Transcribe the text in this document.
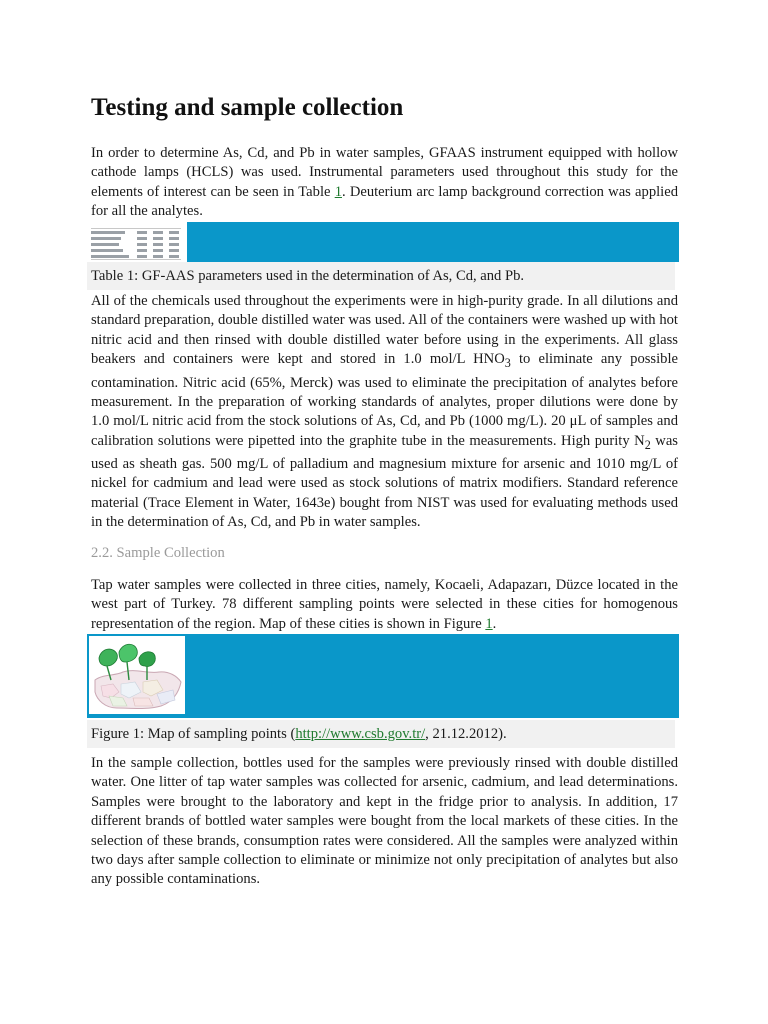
Testing and sample collection

In order to determine As, Cd, and Pb in water samples, GFAAS instrument equipped with hollow cathode lamps (HCLS) was used. Instrumental parameters used throughout this study for the elements of interest can be seen in Table 1. Deuterium arc lamp background correction was applied for all the analytes.

Table 1: GF-AAS parameters used in the determination of As, Cd, and Pb.

All of the chemicals used throughout the experiments were in high-purity grade. In all dilutions and standard preparation, double distilled water was used. All of the containers were washed up with hot nitric acid and then rinsed with double distilled water before using in the experiments. All glass beakers and containers were kept and stored in 1.0 mol/L $HNO_3$ to eliminate any possible contamination. Nitric acid (65%, Merck) was used to eliminate the precipitation of analytes before measurement. In the preparation of working standards of analytes, proper dilutions were done by 1.0 mol/L nitric acid from the stock solutions of As, Cd, and Pb (1000 mg/L). 20 μL of samples and calibration solutions were pipetted into the graphite tube in the measurements. High purity $N_2$ was used as sheath gas. 500 mg/L of palladium and magnesium mixture for arsenic and 1010 mg/L of nickel for cadmium and lead were used as stock solutions of matrix modifiers. Standard reference material (Trace Element in Water, 1643e) bought from NIST was used for evaluating methods used in the determination of As, Cd, and Pb in water samples.

2.2. Sample Collection

Tap water samples were collected in three cities, namely, Kocaeli, Adapazarı, Düzce located in the west part of Turkey. 78 different sampling points were selected in these cities for homogenous representation of the region. Map of these cities is shown in Figure 1.

Figure 1: Map of sampling points (http://www.csb.gov.tr/, 21.12.2012).

In the sample collection, bottles used for the samples were previously rinsed with double distilled water. One litter of tap water samples was collected for arsenic, cadmium, and lead determinations. Samples were brought to the laboratory and kept in the fridge prior to analysis. In addition, 17 different brands of bottled water samples were bought from the local markets of these cities. In the selection of these brands, consumption rates were considered. All the samples were analyzed within two days after sample collection to eliminate or minimize not only precipitation of analytes but also any possible contaminations.
